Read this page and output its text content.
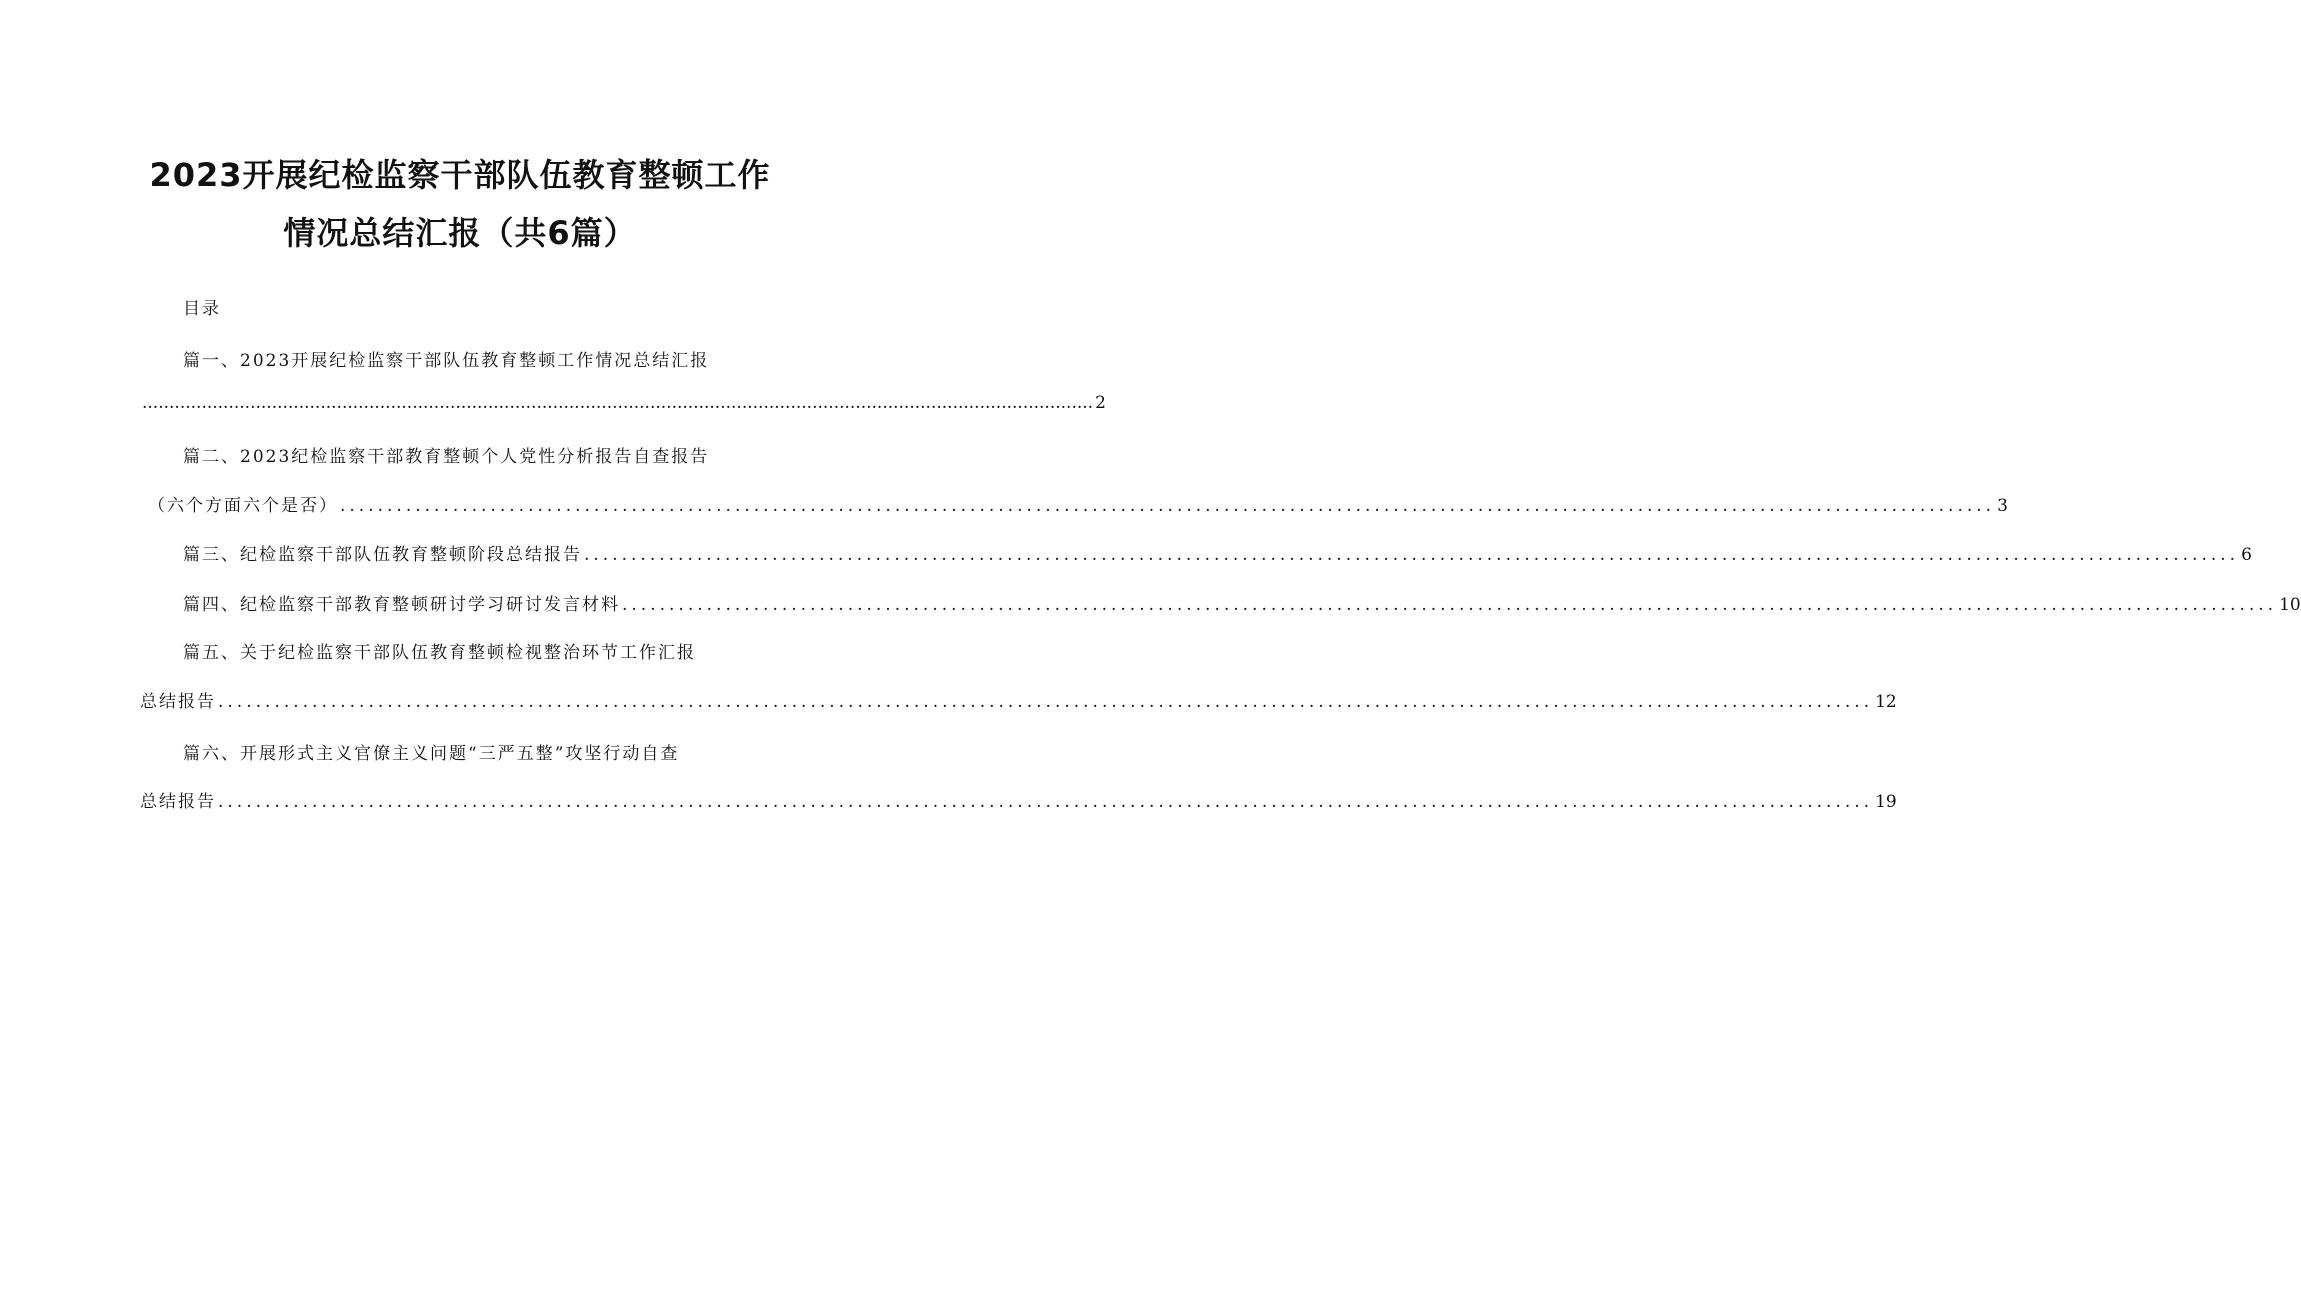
2023开展纪检监察干部队伍教育整顿工作
情况总结汇报（共6篇）
目录
篇一、2023开展纪检监察干部队伍教育整顿工作情况总结汇报
................................................................................................................................................................................ 2
篇二、2023纪检监察干部教育整顿个人党性分析报告自查报告
（六个方面六个是否） ................................................................................................................................................................................ 3
篇三、纪检监察干部队伍教育整顿阶段总结报告 ................................................................................................................................................................................ 6
篇四、纪检监察干部教育整顿研讨学习研讨发言材料 ................................................................................................................................................................................ 10
篇五、关于纪检监察干部队伍教育整顿检视整治环节工作汇报
总结报告 ................................................................................................................................................................................ 12
篇六、开展形式主义官僚主义问题“三严五整”攻坚行动自查
总结报告 ................................................................................................................................................................................ 19
